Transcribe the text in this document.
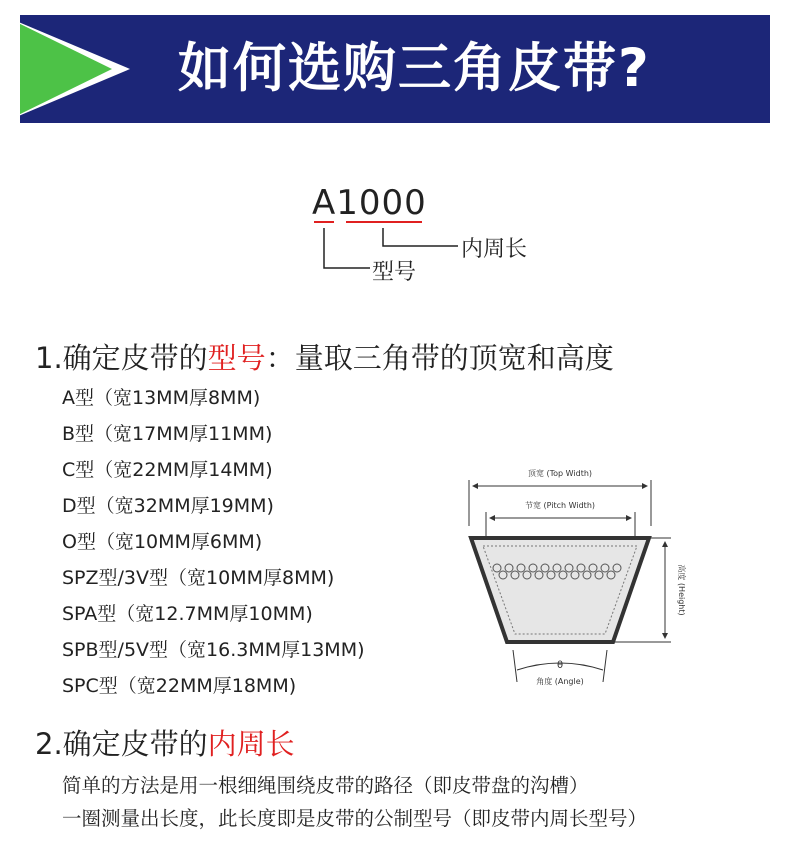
如何选购三角皮带?
A1000
内周长
型号
1.确定皮带的型号：量取三角带的顶宽和高度
A型（宽13MM厚8MM)
B型（宽17MM厚11MM)
C型（宽22MM厚14MM)
D型（宽32MM厚19MM)
O型（宽10MM厚6MM)
SPZ型/3V型（宽10MM厚8MM)
SPA型（宽12.7MM厚10MM)
SPB型/5V型（宽16.3MM厚13MM)
SPC型（宽22MM厚18MM)
顶宽 (Top Width)
节宽 (Pitch Width)
高度 (Height)
θ
角度 (Angle)
2.确定皮带的内周长
简单的方法是用一根细绳围绕皮带的路径（即皮带盘的沟槽）
一圈测量出长度，此长度即是皮带的公制型号（即皮带内周长型号）
